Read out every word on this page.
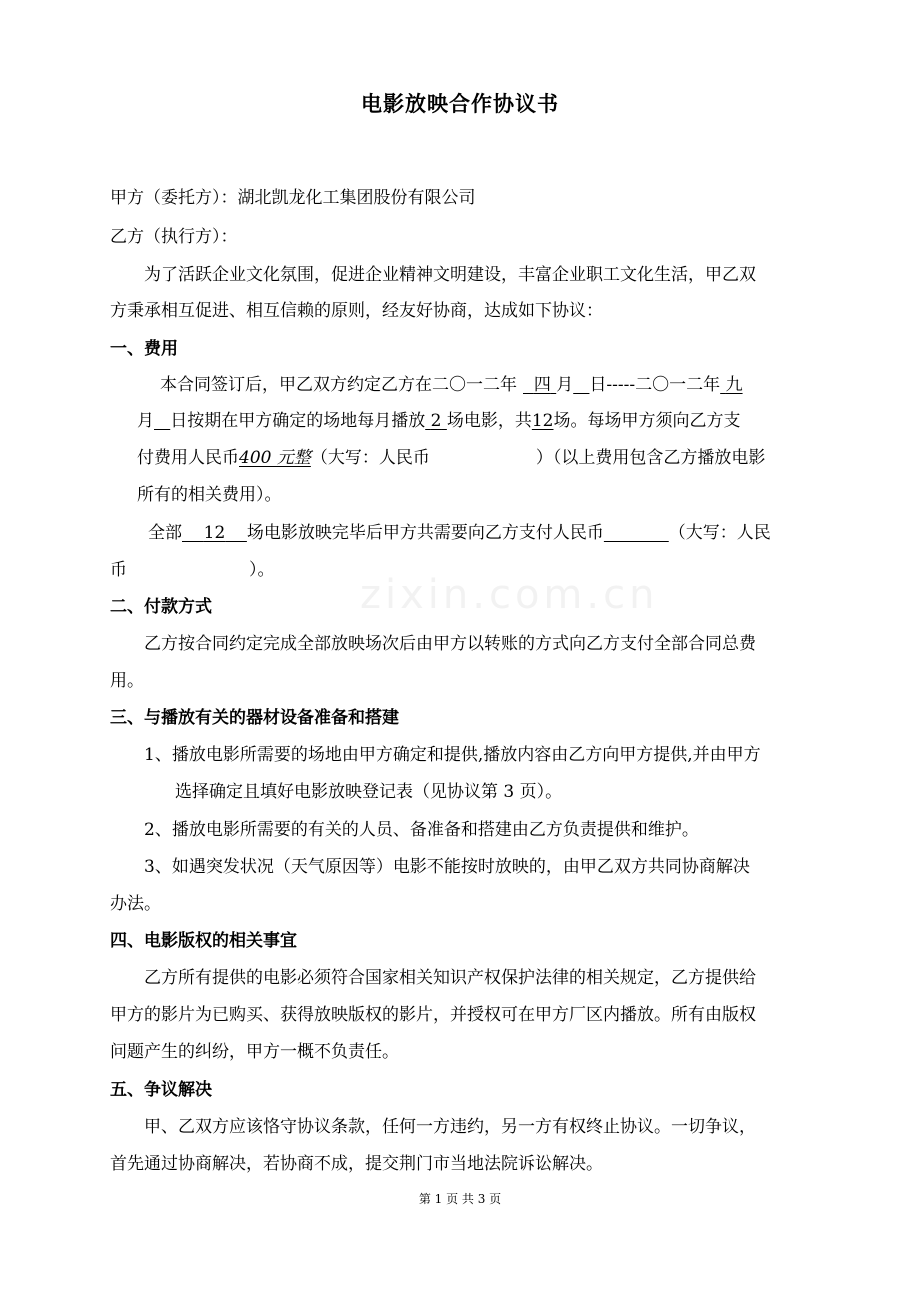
zixin.com.cn
电影放映合作协议书
甲方（委托方）：湖北凯龙化工集团股份有限公司
乙方（执行方）：
为了活跃企业文化氛围，促进企业精神文明建设，丰富企业职工文化生活，甲乙双
方秉承相互促进、相互信赖的原则，经友好协商，达成如下协议：
一、费用
本合同签订后，甲乙双方约定乙方在二〇一二年 四 月 日-----二〇一二年 九
月 日按期在甲方确定的场地每月播放 2 场电影，共12场。每场甲方须向乙方支
付费用人民币400 元整（大写：人民币	）（以上费用包含乙方播放电影
所有的相关费用）。
全部 12 场电影放映完毕后甲方共需要向乙方支付人民币	（大写：人民
币	）。
二、付款方式
乙方按合同约定完成全部放映场次后由甲方以转账的方式向乙方支付全部合同总费
用。
三、与播放有关的器材设备准备和搭建
1、播放电影所需要的场地由甲方确定和提供,播放内容由乙方向甲方提供,并由甲方
选择确定且填好电影放映登记表（见协议第 3 页）。
2、播放电影所需要的有关的人员、备准备和搭建由乙方负责提供和维护。
3、如遇突发状况（天气原因等）电影不能按时放映的，由甲乙双方共同协商解决
办法。
四、电影版权的相关事宜
乙方所有提供的电影必须符合国家相关知识产权保护法律的相关规定，乙方提供给
甲方的影片为已购买、获得放映版权的影片，并授权可在甲方厂区内播放。所有由版权
问题产生的纠纷，甲方一概不负责任。
五、争议解决
甲、乙双方应该恪守协议条款，任何一方违约，另一方有权终止协议。一切争议，
首先通过协商解决，若协商不成，提交荆门市当地法院诉讼解决。
第 1 页 共 3 页
